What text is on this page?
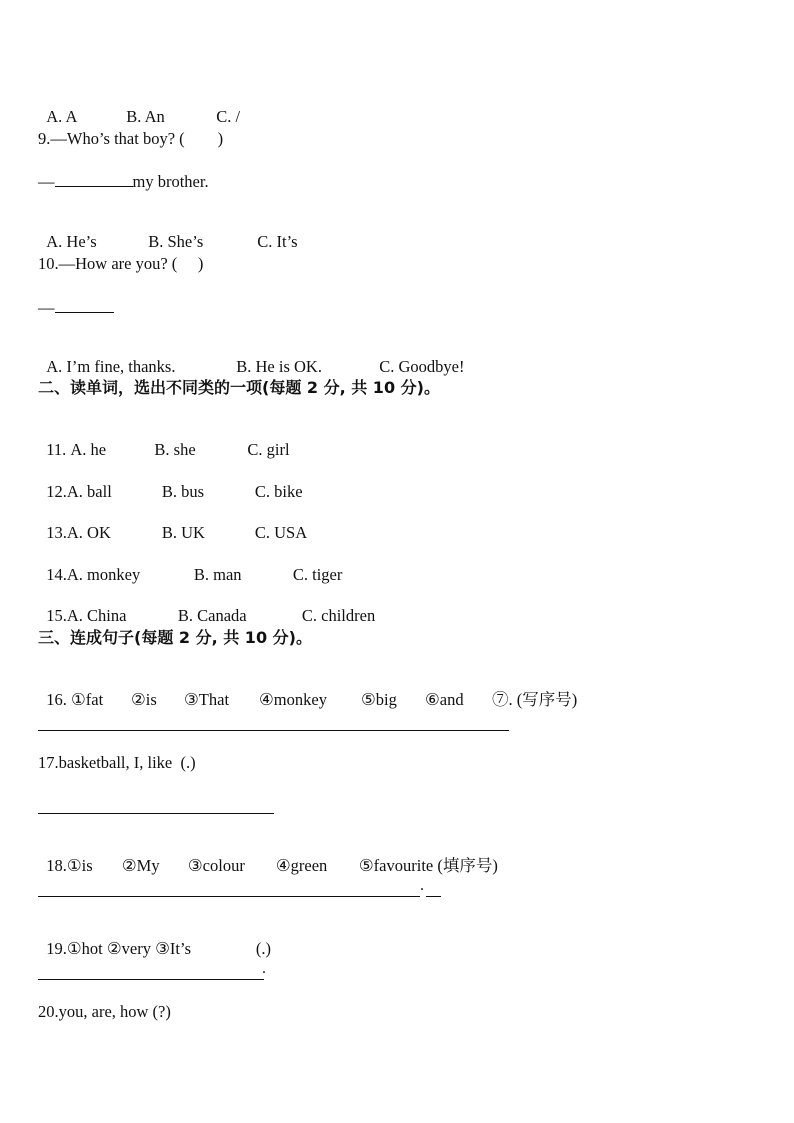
A. A	B. An	C. /

9.—Who’s that boy? (        )
—	my brother.

A. He’s	B. She’s	C. It’s

10.—How are you? (     )
—

A. I’m fine, thanks.	B. He is OK.	C. Goodbye!

二、读单词，选出不同类的一项(每题 2 分, 共 10 分)。

11. A. he	B. she	C. girl

12.A. ball	B. bus	C. bike

13.A. OK	B. UK	C. USA

14.A. monkey	B. man	C. tiger

15.A. China	B. Canada	C. children

三、连成句子(每题 2 分, 共 10 分)。

16. ①fat ②is ③That ④monkey ⑤big ⑥and ⑦. (写序号)

17.basketball, I, like  (.)

18.①is ②My ③colour ④green ⑤favourite (填序号)

.

19.①hot ②very ③It’s	(.)

.
20.you, are, how (?)
